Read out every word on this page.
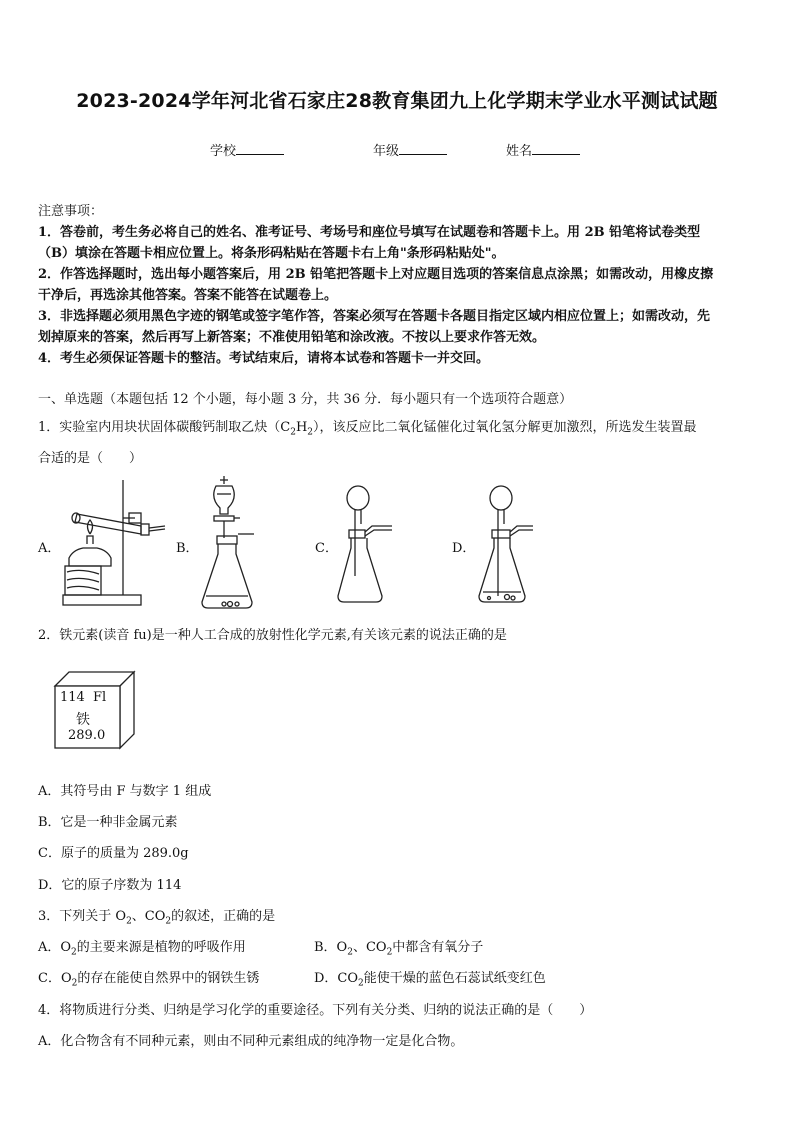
2023-2024学年河北省石家庄28教育集团九上化学期末学业水平测试试题
学校	年级	姓名
注意事项：
1．答卷前，考生务必将自己的姓名、准考证号、考场号和座位号填写在试题卷和答题卡上。用 2B 铅笔将试卷类型
（B）填涂在答题卡相应位置上。将条形码粘贴在答题卡右上角"条形码粘贴处"。
2．作答选择题时，选出每小题答案后，用 2B 铅笔把答题卡上对应题目选项的答案信息点涂黑；如需改动，用橡皮擦
干净后，再选涂其他答案。答案不能答在试题卷上。
3．非选择题必须用黑色字迹的钢笔或签字笔作答，答案必须写在答题卡各题目指定区域内相应位置上；如需改动，先
划掉原来的答案，然后再写上新答案；不准使用铅笔和涂改液。不按以上要求作答无效。
4．考生必须保证答题卡的整洁。考试结束后，请将本试卷和答题卡一并交回。
一、单选题（本题包括 12 个小题，每小题 3 分，共 36 分．每小题只有一个选项符合题意）
1．实验室内用块状固体碳酸钙制取乙炔$(C_2H_2)$，该反应比二氧化锰催化过氧化氢分解更加激烈，所选发生装置最
合适的是（　　）
A．	B．	C．	D．
2．铁元素(读音 fu)是一种人工合成的放射性化学元素,有关该元素的说法正确的是
114 Fl
铁
289.0
A．其符号由 F 与数字 1 组成
B．它是一种非金属元素
C．原子的质量为 289.0g
D．它的原子序数为 114
3．下列关于 $O_2$、$CO_2$的叙述，正确的是
A．$O_2$的主要来源是植物的呼吸作用	B．$O_2$、$CO_2$中都含有氧分子
C．$O_2$的存在能使自然界中的钢铁生锈	D．$CO_2$能使干燥的蓝色石蕊试纸变红色
4．将物质进行分类、归纳是学习化学的重要途径。下列有关分类、归纳的说法正确的是（　　）
A．化合物含有不同种元素，则由不同种元素组成的纯净物一定是化合物。
